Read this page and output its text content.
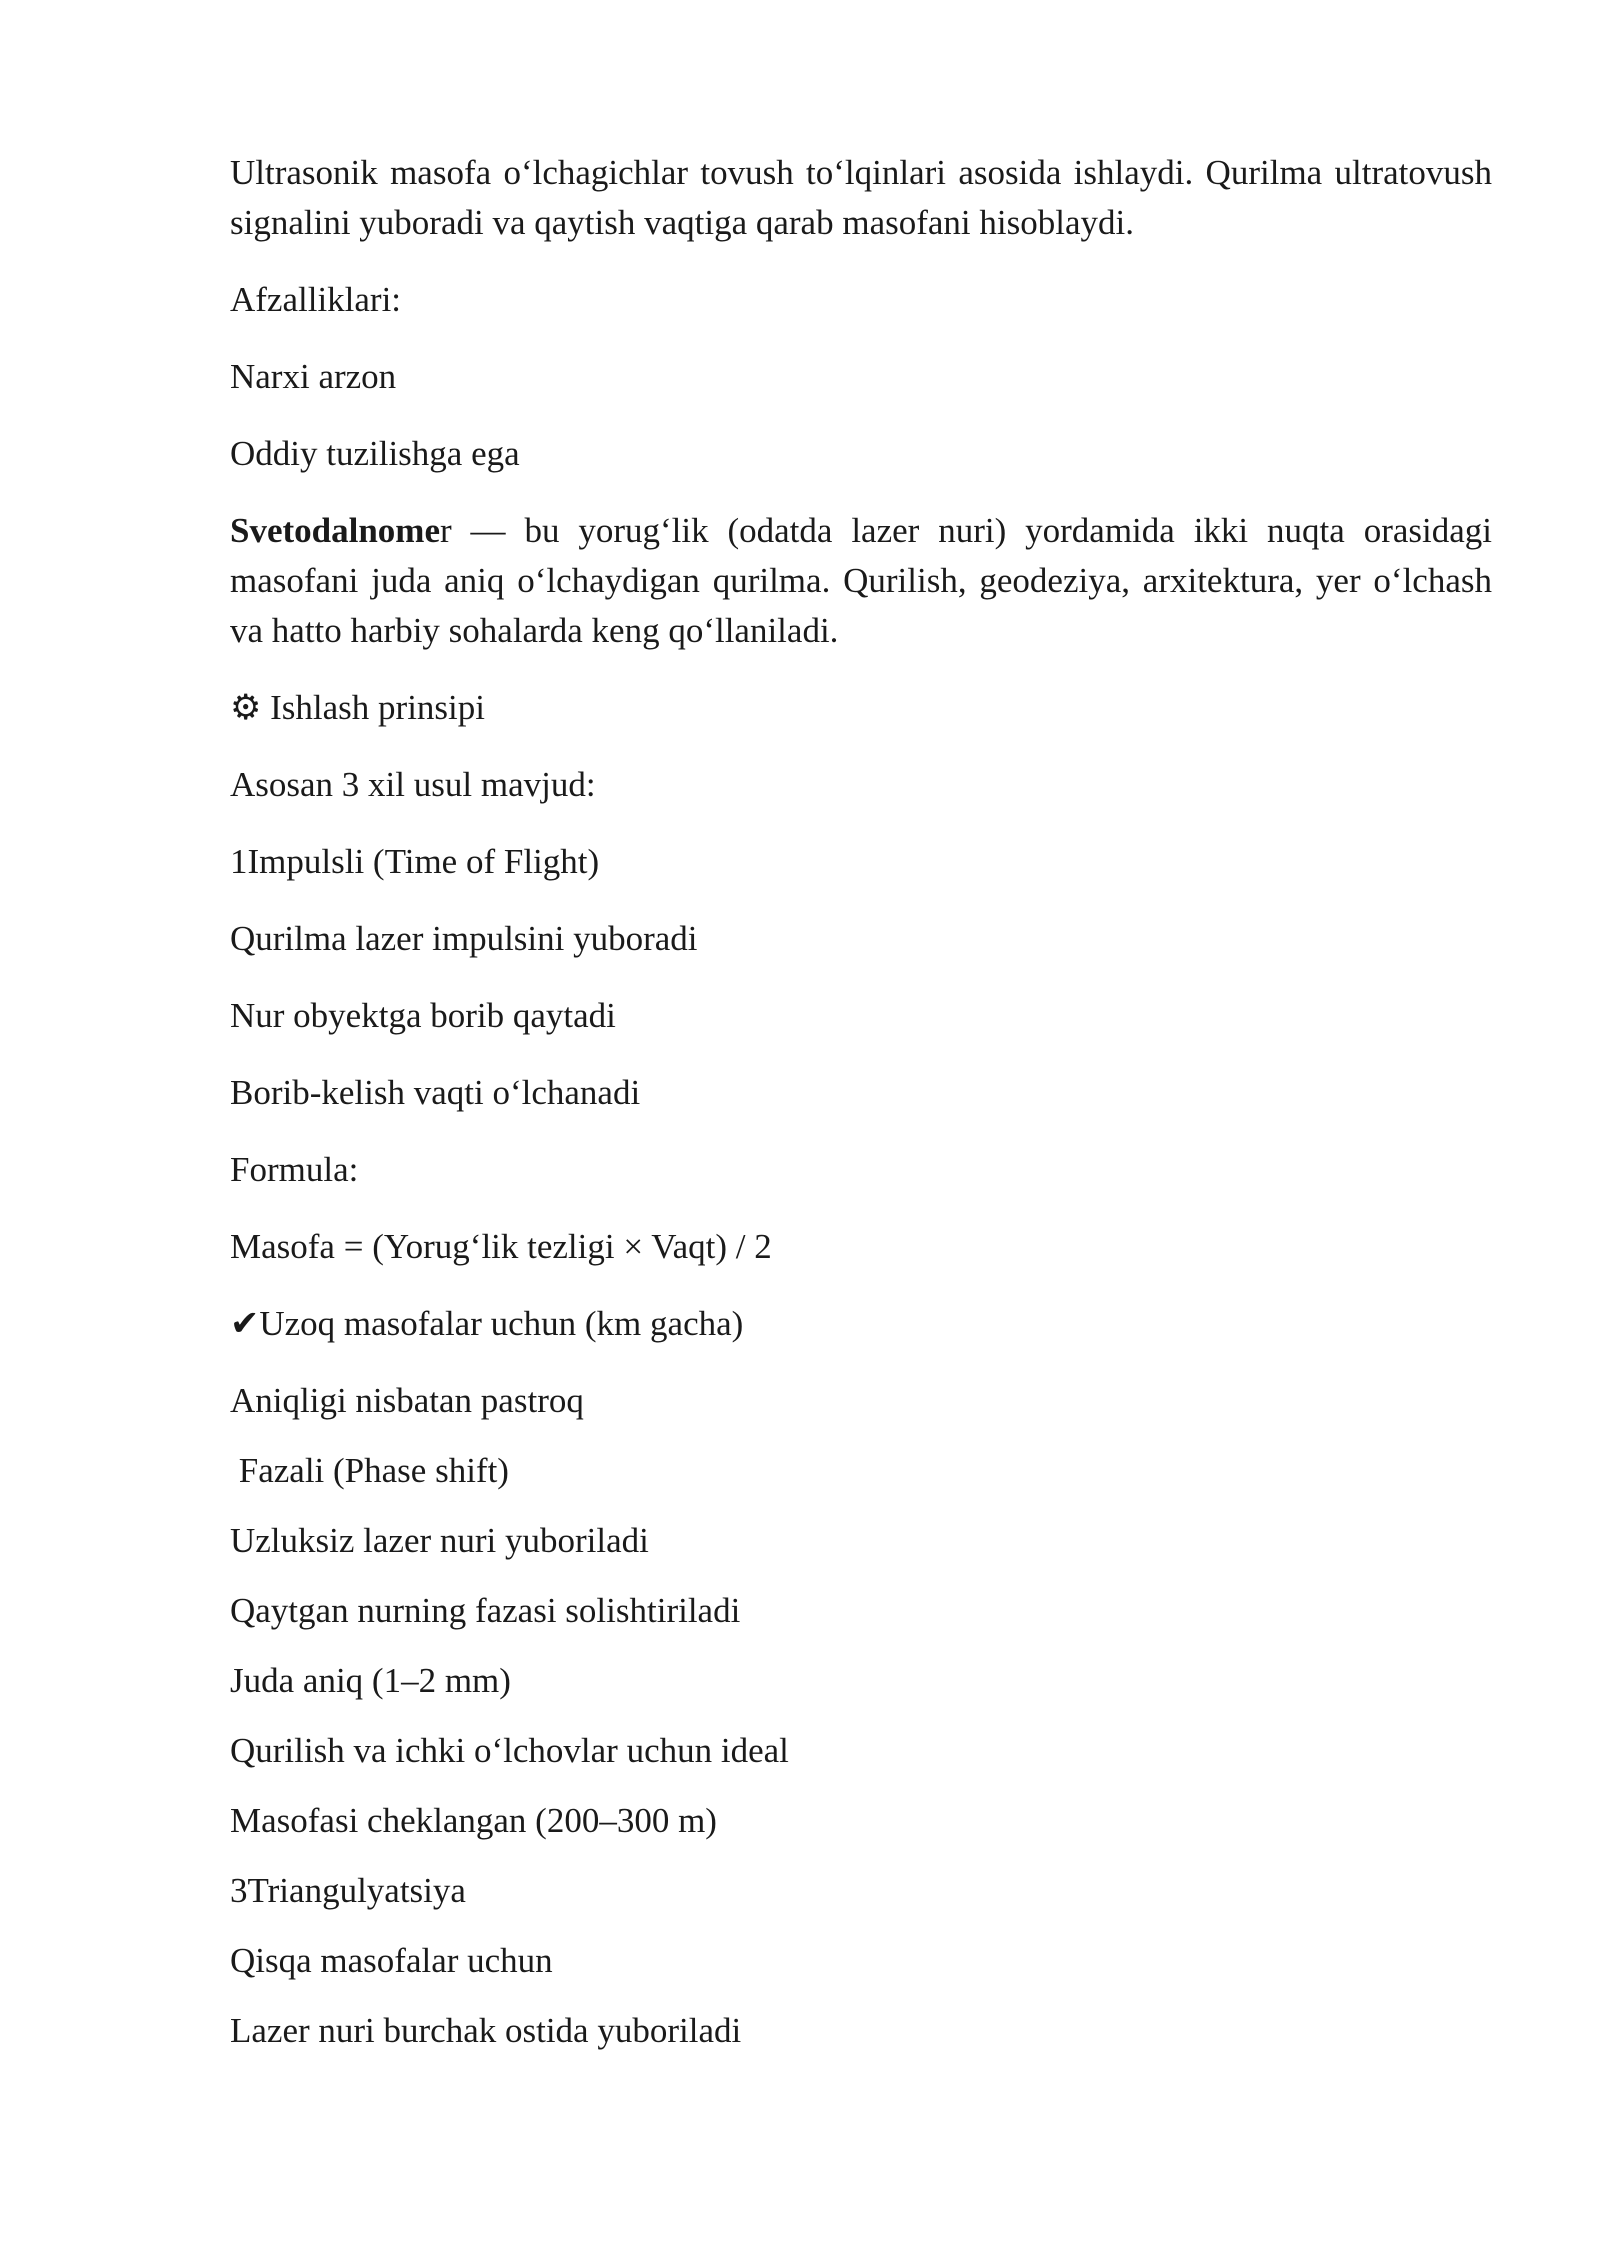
Ultrasonik masofa o‘lchagichlar tovush to‘lqinlari asosida ishlaydi. Qurilma ultratovush signalini yuboradi va qaytish vaqtiga qarab masofani hisoblaydi.

Afzalliklari:

Narxi arzon

Oddiy tuzilishga ega

Svetodalnomer — bu yorug‘lik (odatda lazer nuri) yordamida ikki nuqta orasidagi masofani juda aniq o‘lchaydigan qurilma. Qurilish, geodeziya, arxitektura, yer o‘lchash va hatto harbiy sohalarda keng qo‘llaniladi.

⚙ Ishlash prinsipi

Asosan 3 xil usul mavjud:

1Impulsli (Time of Flight)

Qurilma lazer impulsini yuboradi

Nur obyektga borib qaytadi

Borib-kelish vaqti o‘lchanadi

Formula:

Masofa = (Yorug‘lik tezligi × Vaqt) / 2

✔Uzoq masofalar uchun (km gacha)

Aniqligi nisbatan pastroq

Fazali (Phase shift)

Uzluksiz lazer nuri yuboriladi

Qaytgan nurning fazasi solishtiriladi

Juda aniq (1–2 mm)

Qurilish va ichki o‘lchovlar uchun ideal

Masofasi cheklangan (200–300 m)

3Triangulyatsiya

Qisqa masofalar uchun

Lazer nuri burchak ostida yuboriladi
